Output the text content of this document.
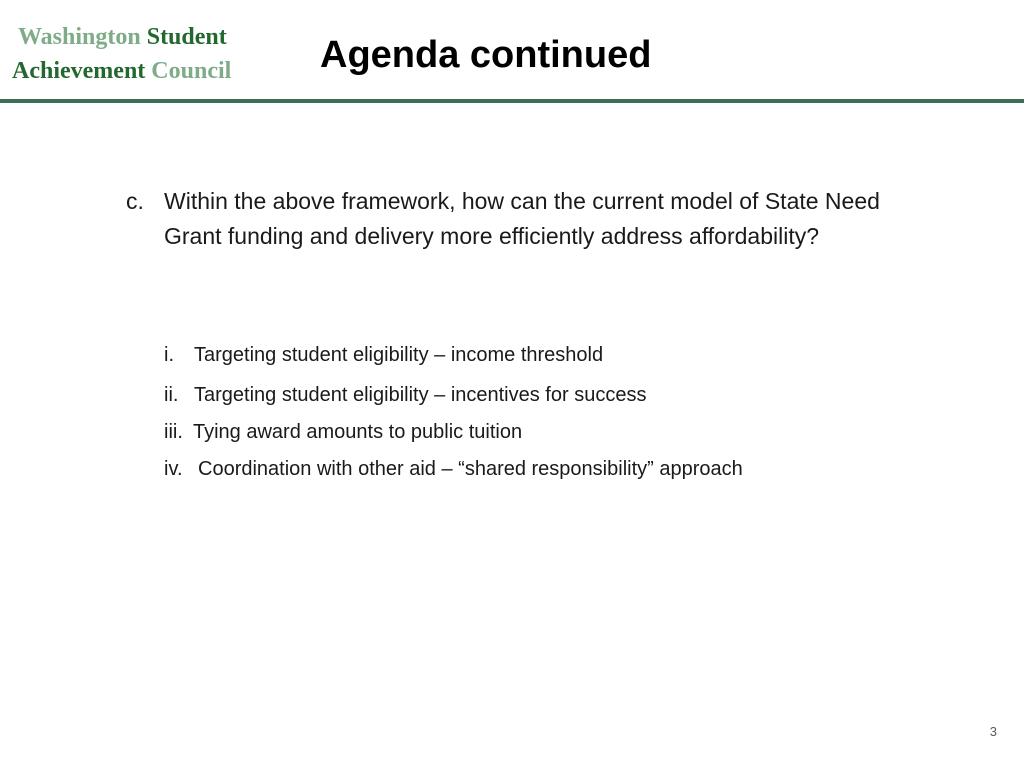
Washington Student
Achievement Council	Agenda continued
c. Within the above framework, how can the current model of State Need Grant funding and delivery more efficiently address affordability?
i.	Targeting student eligibility – income threshold
ii. Targeting student eligibility – incentives for success
iii. Tying award amounts to public tuition
iv. Coordination with other aid – “shared responsibility” approach
3
